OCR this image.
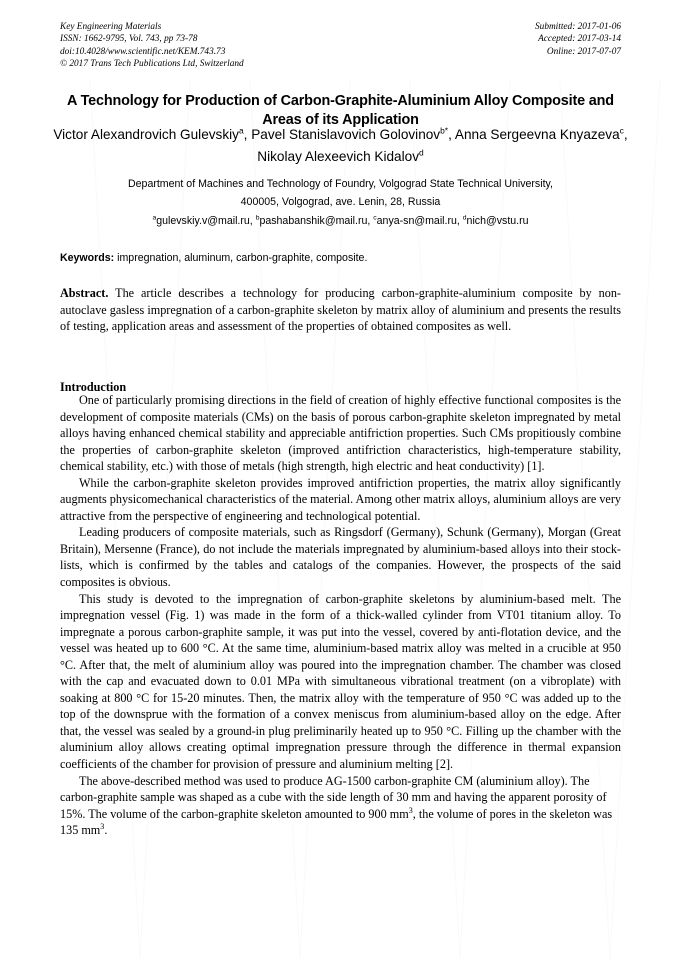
Key Engineering Materials
ISSN: 1662-9795, Vol. 743, pp 73-78
doi:10.4028/www.scientific.net/KEM.743.73
© 2017 Trans Tech Publications Ltd, Switzerland
Submitted: 2017-01-06
Accepted: 2017-03-14
Online: 2017-07-07
A Technology for Production of Carbon-Graphite-Aluminium Alloy Composite and Areas of its Application
Victor Alexandrovich Gulevskiy$^a$, Pavel Stanislavovich Golovinov$^{b*}$, Anna Sergeevna Knyazeva$^c$, Nikolay Alexeevich Kidalov$^d$
Department of Machines and Technology of Foundry, Volgograd State Technical University,
400005, Volgograd, ave. Lenin, 28, Russia
$^a$gulevskiy.v@mail.ru, $^b$pashabanshik@mail.ru, $^c$anya-sn@mail.ru, $^d$nich@vstu.ru
Keywords: impregnation, aluminum, carbon-graphite, composite.
Abstract. The article describes a technology for producing carbon-graphite-aluminium composite by non-autoclave gasless impregnation of a carbon-graphite skeleton by matrix alloy of aluminium and presents the results of testing, application areas and assessment of the properties of obtained composites as well.
Introduction

One of particularly promising directions in the field of creation of highly effective functional composites is the development of composite materials (CMs) on the basis of porous carbon-graphite skeleton impregnated by metal alloys having enhanced chemical stability and appreciable antifriction properties. Such CMs propitiously combine the properties of carbon-graphite skeleton (improved antifriction characteristics, high-temperature stability, chemical stability, etc.) with those of metals (high strength, high electric and heat conductivity) [1].

While the carbon-graphite skeleton provides improved antifriction properties, the matrix alloy significantly augments physicomechanical characteristics of the material. Among other matrix alloys, aluminium alloys are very attractive from the perspective of engineering and technological potential.

Leading producers of composite materials, such as Ringsdorf (Germany), Schunk (Germany), Morgan (Great Britain), Mersenne (France), do not include the materials impregnated by aluminium-based alloys into their stock-lists, which is confirmed by the tables and catalogs of the companies. However, the prospects of the said composites is obvious.

This study is devoted to the impregnation of carbon-graphite skeletons by aluminium-based melt. The impregnation vessel (Fig. 1) was made in the form of a thick-walled cylinder from VT01 titanium alloy. To impregnate a porous carbon-graphite sample, it was put into the vessel, covered by anti-flotation device, and the vessel was heated up to 600 °C. At the same time, aluminium-based matrix alloy was melted in a crucible at 950 °C. After that, the melt of aluminium alloy was poured into the impregnation chamber. The chamber was closed with the cap and evacuated down to 0.01 MPa with simultaneous vibrational treatment (on a vibroplate) with soaking at 800 °C for 15-20 minutes. Then, the matrix alloy with the temperature of 950 °C was added up to the top of the downsprue with the formation of a convex meniscus from aluminium-based alloy on the edge. After that, the vessel was sealed by a ground-in plug preliminarily heated up to 950 °C. Filling up the chamber with the aluminium alloy allows creating optimal impregnation pressure through the difference in thermal expansion coefficients of the chamber for provision of pressure and aluminium melting [2].

The above-described method was used to produce AG-1500 carbon-graphite CM (aluminium alloy). The carbon-graphite sample was shaped as a cube with the side length of 30 mm and having the apparent porosity of 15%. The volume of the carbon-graphite skeleton amounted to 900 $mm^3$, the volume of pores in the skeleton was 135 $mm^3$.
